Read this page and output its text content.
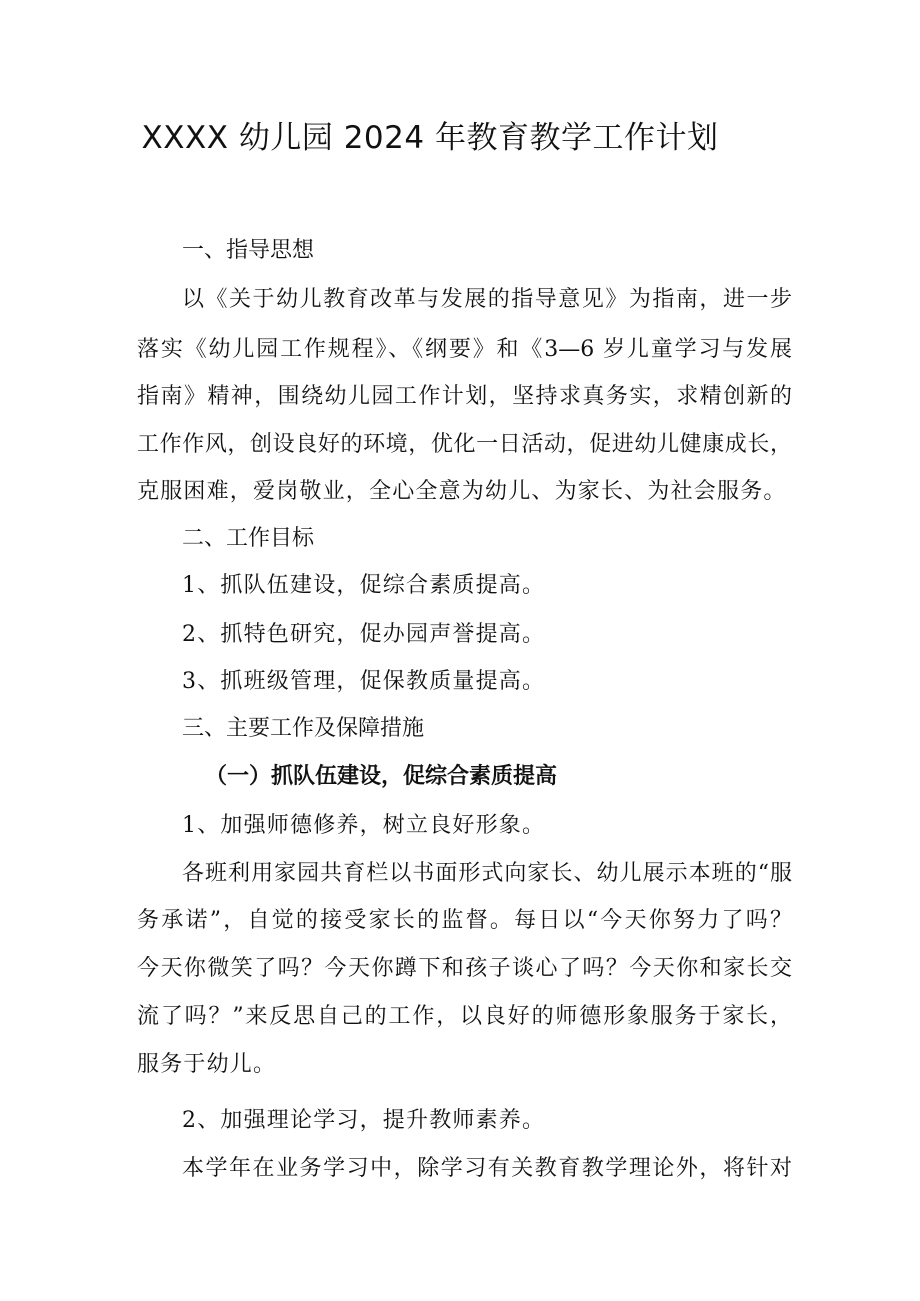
XXXX 幼儿园 2024 年教育教学工作计划
一、指导思想
以《关于幼儿教育改革与发展的指导意见》为指南，进一步
落实《幼儿园工作规程》、《纲要》和《3—6 岁儿童学习与发展
指南》精神，围绕幼儿园工作计划，坚持求真务实，求精创新的
工作作风，创设良好的环境，优化一日活动，促进幼儿健康成长，
克服困难，爱岗敬业，全心全意为幼儿、为家长、为社会服务。
二、工作目标
1、抓队伍建设，促综合素质提高。
2、抓特色研究，促办园声誉提高。
3、抓班级管理，促保教质量提高。
三、主要工作及保障措施
（一）抓队伍建设，促综合素质提高
1、加强师德修养，树立良好形象。
各班利用家园共育栏以书面形式向家长、幼儿展示本班的“服
务承诺”，自觉的接受家长的监督。每日以“今天你努力了吗？
今天你微笑了吗？今天你蹲下和孩子谈心了吗？今天你和家长交
流了吗？”来反思自己的工作，以良好的师德形象服务于家长，
服务于幼儿。
2、加强理论学习，提升教师素养。
本学年在业务学习中，除学习有关教育教学理论外，将针对
